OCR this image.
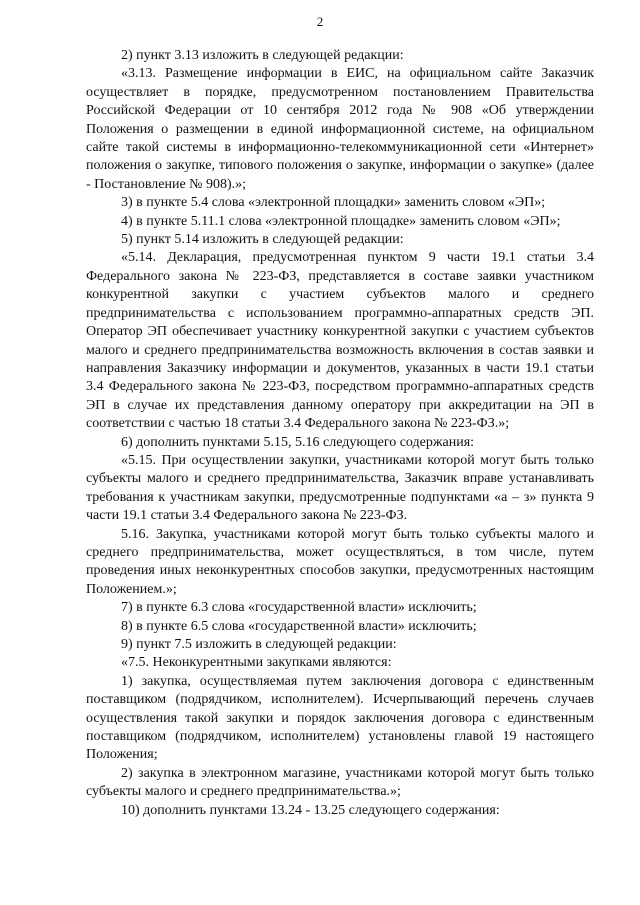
2

2) пункт 3.13 изложить в следующей редакции:

«3.13. Размещение информации в ЕИС, на официальном сайте Заказчик осуществляет в порядке, предусмотренном постановлением Правительства Российской Федерации от 10 сентября 2012 года № 908 «Об утверждении Положения о размещении в единой информационной системе, на официальном сайте такой системы в информационно-телекоммуникационной сети «Интернет» положения о закупке, типового положения о закупке, информации о закупке» (далее - Постановление № 908).»;

3) в пункте 5.4 слова «электронной площадки» заменить словом «ЭП»;

4) в пункте 5.11.1 слова «электронной площадке» заменить словом «ЭП»;

5) пункт 5.14 изложить в следующей редакции:

«5.14. Декларация, предусмотренная пунктом 9 части 19.1 статьи 3.4 Федерального закона № 223-ФЗ, представляется в составе заявки участником конкурентной закупки с участием субъектов малого и среднего предпринимательства с использованием программно-аппаратных средств ЭП. Оператор ЭП обеспечивает участнику конкурентной закупки с участием субъектов малого и среднего предпринимательства возможность включения в состав заявки и направления Заказчику информации и документов, указанных в части 19.1 статьи 3.4 Федерального закона № 223-ФЗ, посредством программно-аппаратных средств ЭП в случае их представления данному оператору при аккредитации на ЭП в соответствии с частью 18 статьи 3.4 Федерального закона № 223-ФЗ.»;

6) дополнить пунктами 5.15, 5.16 следующего содержания:

«5.15. При осуществлении закупки, участниками которой могут быть только субъекты малого и среднего предпринимательства, Заказчик вправе устанавливать требования к участникам закупки, предусмотренные подпунктами «а – з» пункта 9 части 19.1 статьи 3.4 Федерального закона № 223-ФЗ.

5.16. Закупка, участниками которой могут быть только субъекты малого и среднего предпринимательства, может осуществляться, в том числе, путем проведения иных неконкурентных способов закупки, предусмотренных настоящим Положением.»;

7) в пункте 6.3 слова «государственной власти» исключить;

8) в пункте 6.5 слова «государственной власти» исключить;

9) пункт 7.5 изложить в следующей редакции:

«7.5. Неконкурентными закупками являются:

1) закупка, осуществляемая путем заключения договора с единственным поставщиком (подрядчиком, исполнителем). Исчерпывающий перечень случаев осуществления такой закупки и порядок заключения договора с единственным поставщиком (подрядчиком, исполнителем) установлены главой 19 настоящего Положения;

2) закупка в электронном магазине, участниками которой могут быть только субъекты малого и среднего предпринимательства.»;

10) дополнить пунктами 13.24 - 13.25 следующего содержания:
